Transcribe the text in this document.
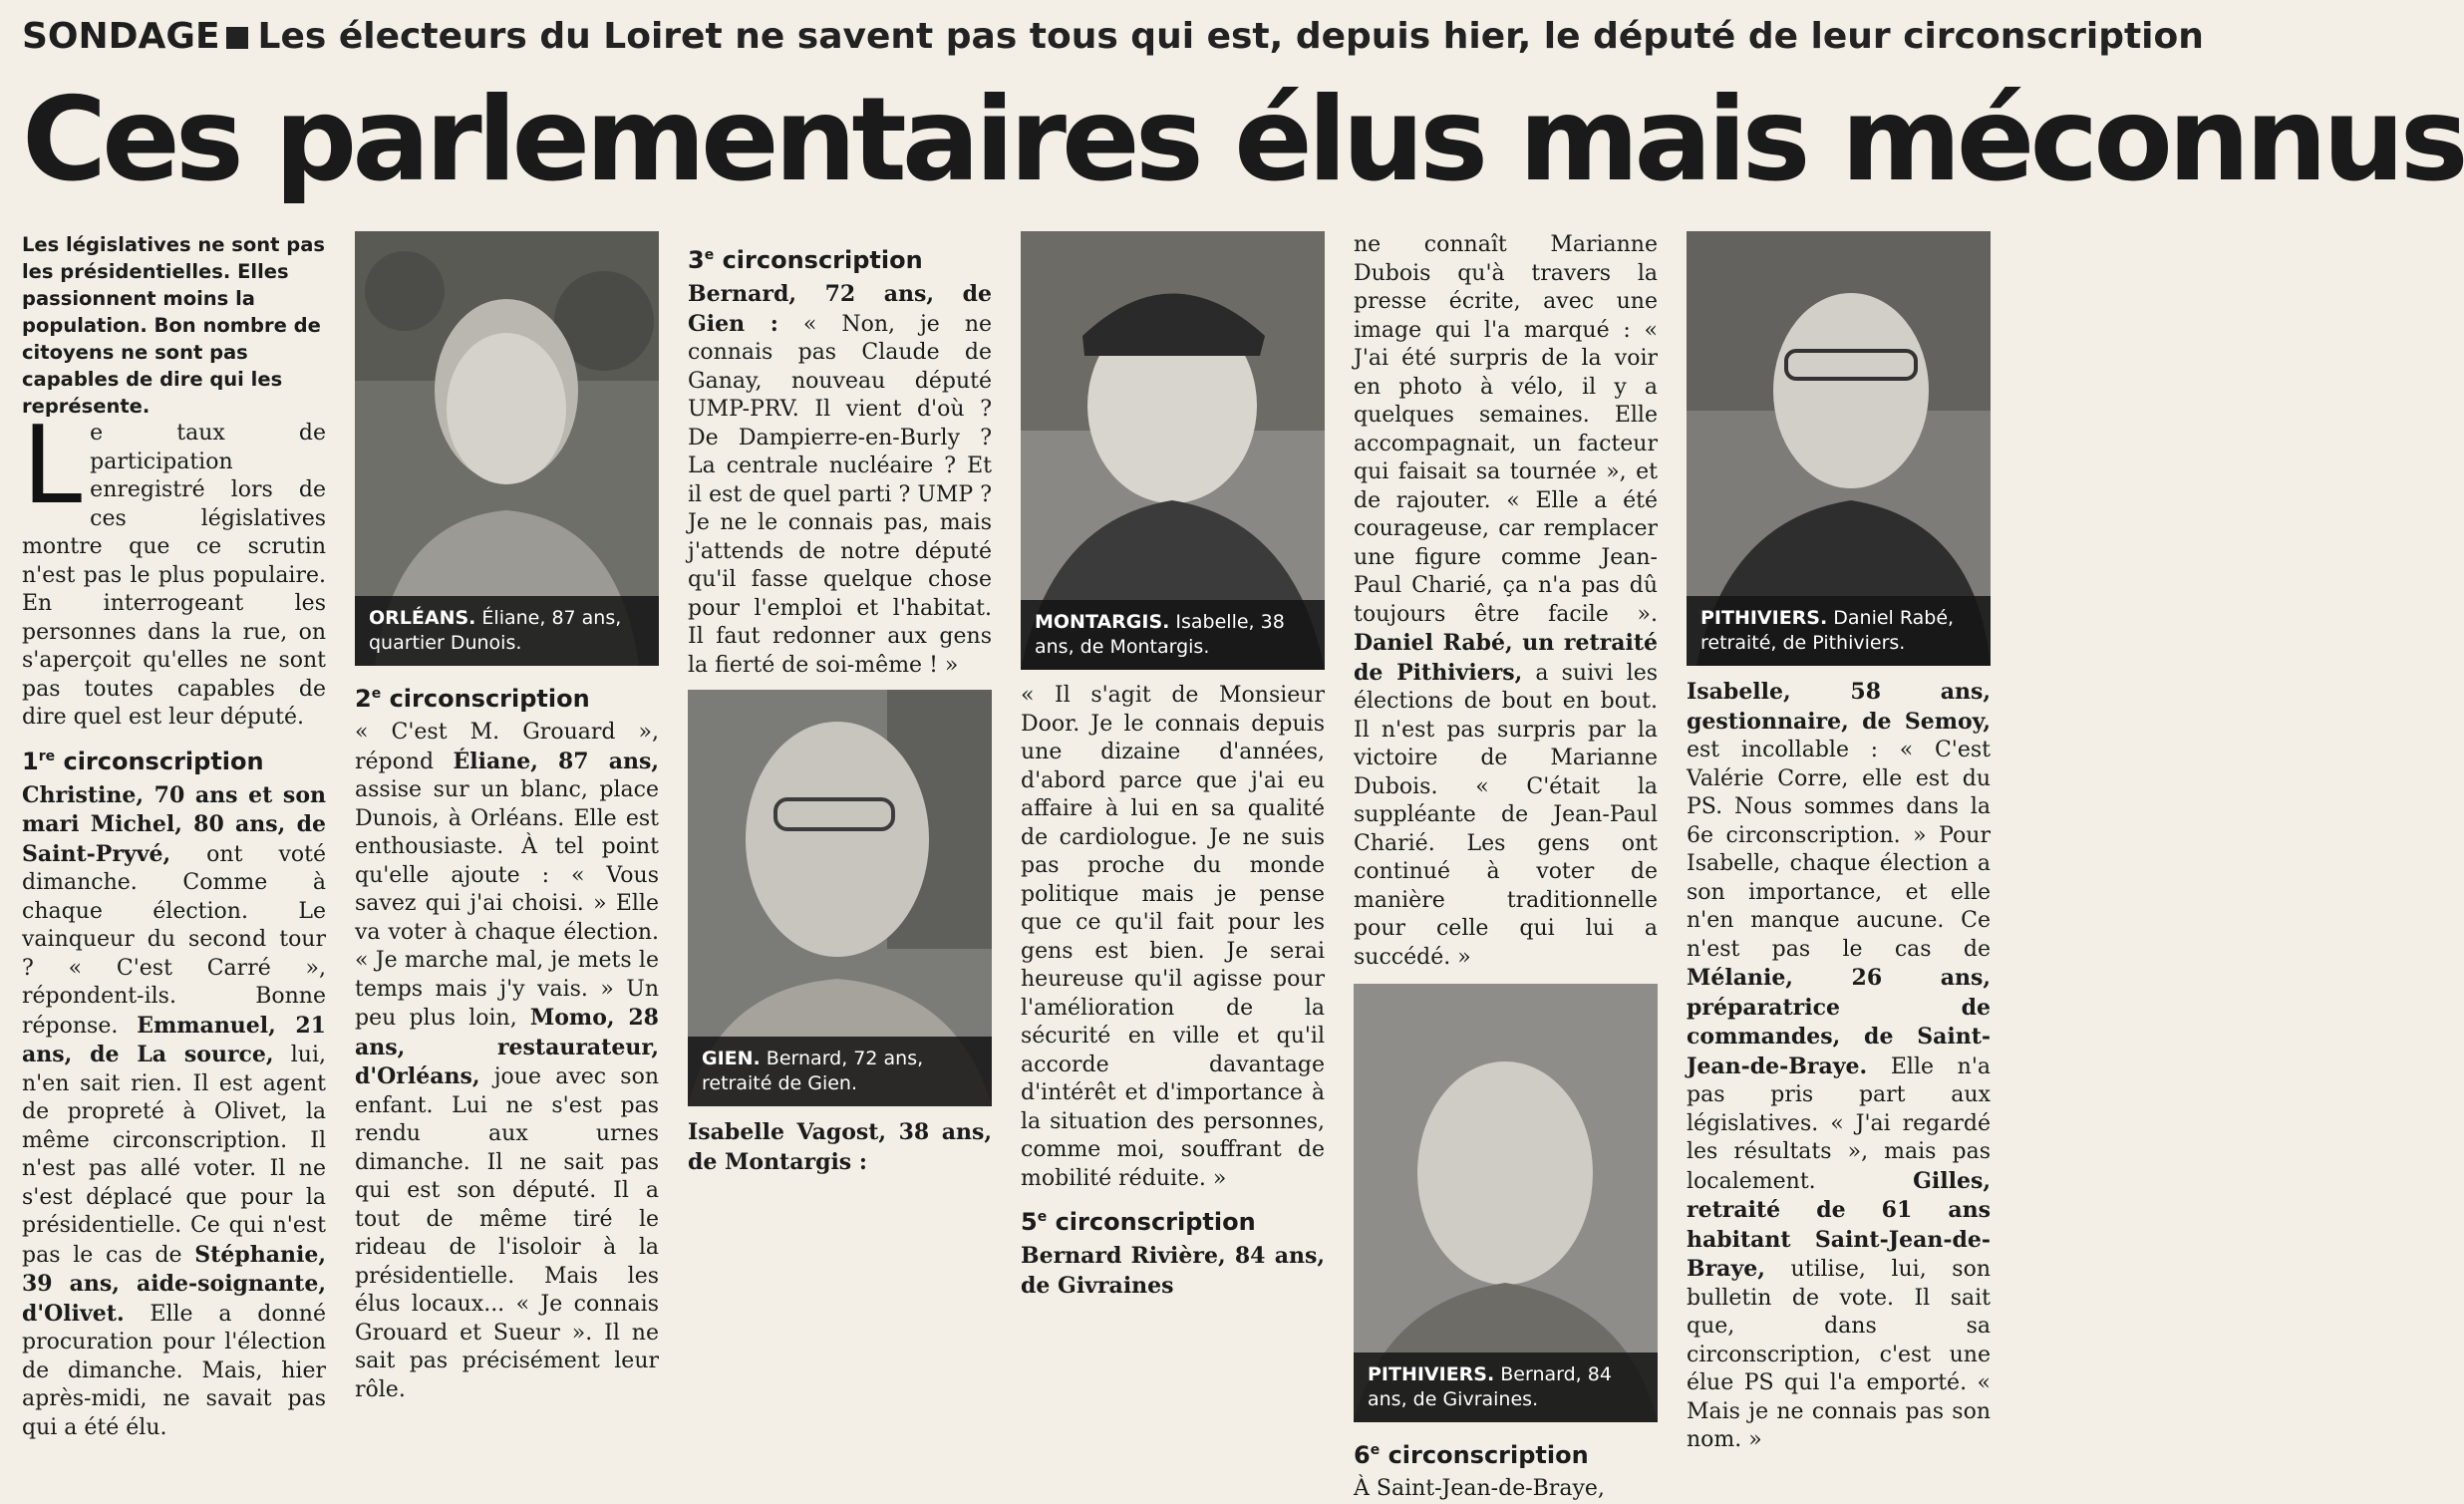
SONDAGE Les électeurs du Loiret ne savent pas tous qui est, depuis hier, le député de leur circonscription
Ces parlementaires élus mais méconnus

Les législatives ne sont pas les présidentielles. Elles passionnent moins la population. Bon nombre de citoyens ne sont pas capables de dire qui les représente.

Le taux de participation enregistré lors de ces législatives montre que ce scrutin n'est pas le plus populaire. En interrogeant les personnes dans la rue, on s'aperçoit qu'elles ne sont pas toutes capables de dire quel est leur député.

1re circonscription

Christine, 70 ans et son mari Michel, 80 ans, de Saint-Pryvé, ont voté dimanche. Comme à chaque élection. Le vainqueur du second tour ? « C'est Carré », répondent-ils. Bonne réponse. Emmanuel, 21 ans, de La source, lui, n'en sait rien. Il est agent de propreté à Olivet, la même circonscription. Il n'est pas allé voter. Il ne s'est déplacé que pour la présidentielle. Ce qui n'est pas le cas de Stéphanie, 39 ans, aide-soignante, d'Olivet. Elle a donné procuration pour l'élection de dimanche. Mais, hier après-midi, ne savait pas qui a été élu.

ORLÉANS. Éliane, 87 ans, quartier Dunois.
2e circonscription

« C'est M. Grouard », répond Éliane, 87 ans, assise sur un blanc, place Dunois, à Orléans. Elle est enthousiaste. À tel point qu'elle ajoute : « Vous savez qui j'ai choisi. » Elle va voter à chaque élection. « Je marche mal, je mets le temps mais j'y vais. » Un peu plus loin, Momo, 28 ans, restaurateur, d'Orléans, joue avec son enfant. Lui ne s'est pas rendu aux urnes dimanche. Il ne sait pas qui est son député. Il a tout de même tiré le rideau de l'isoloir à la présidentielle. Mais les élus locaux... « Je connais Grouard et Sueur ». Il ne sait pas précisément leur rôle.

3e circonscription

Bernard, 72 ans, de Gien : « Non, je ne connais pas Claude de Ganay, nouveau député UMP-PRV. Il vient d'où ? De Dampierre-en-Burly ? La centrale nucléaire ? Et il est de quel parti ? UMP ? Je ne le connais pas, mais j'attends de notre député qu'il fasse quelque chose pour l'emploi et l'habitat. Il faut redonner aux gens la fierté de soi-même ! »

GIEN. Bernard, 72 ans, retraité de Gien.

Isabelle Vagost, 38 ans, de Montargis :

MONTARGIS. Isabelle, 38 ans, de Montargis.

« Il s'agit de Monsieur Door. Je le connais depuis une dizaine d'années, d'abord parce que j'ai eu affaire à lui en sa qualité de cardiologue. Je ne suis pas proche du monde politique mais je pense que ce qu'il fait pour les gens est bien. Je serai heureuse qu'il agisse pour l'amélioration de la sécurité en ville et qu'il accorde davantage d'intérêt et d'importance à la situation des personnes, comme moi, souffrant de mobilité réduite. »

5e circonscription

Bernard Rivière, 84 ans, de Givraines

ne connaît Marianne Dubois qu'à travers la presse écrite, avec une image qui l'a marqué : « J'ai été surpris de la voir en photo à vélo, il y a quelques semaines. Elle accompagnait, un facteur qui faisait sa tournée », et de rajouter. « Elle a été courageuse, car remplacer une figure comme Jean-Paul Charié, ça n'a pas dû toujours être facile ». Daniel Rabé, un retraité de Pithiviers, a suivi les élections de bout en bout. Il n'est pas surpris par la victoire de Marianne Dubois. « C'était la suppléante de Jean-Paul Charié. Les gens ont continué à voter de manière traditionnelle pour celle qui lui a succédé. »

PITHIVIERS. Bernard, 84 ans, de Givraines.
6e circonscription

À Saint-Jean-de-Braye,

PITHIVIERS. Daniel Rabé, retraité, de Pithiviers.

Isabelle, 58 ans, gestionnaire, de Semoy, est incollable : « C'est Valérie Corre, elle est du PS. Nous sommes dans la 6e circonscription. » Pour Isabelle, chaque élection a son importance, et elle n'en manque aucune. Ce n'est pas le cas de Mélanie, 26 ans, préparatrice de commandes, de Saint-Jean-de-Braye. Elle n'a pas pris part aux législatives. « J'ai regardé les résultats », mais pas localement. Gilles, retraité de 61 ans habitant Saint-Jean-de-Braye, utilise, lui, son bulletin de vote. Il sait que, dans sa circonscription, c'est une élue PS qui l'a emporté. « Mais je ne connais pas son nom. »
